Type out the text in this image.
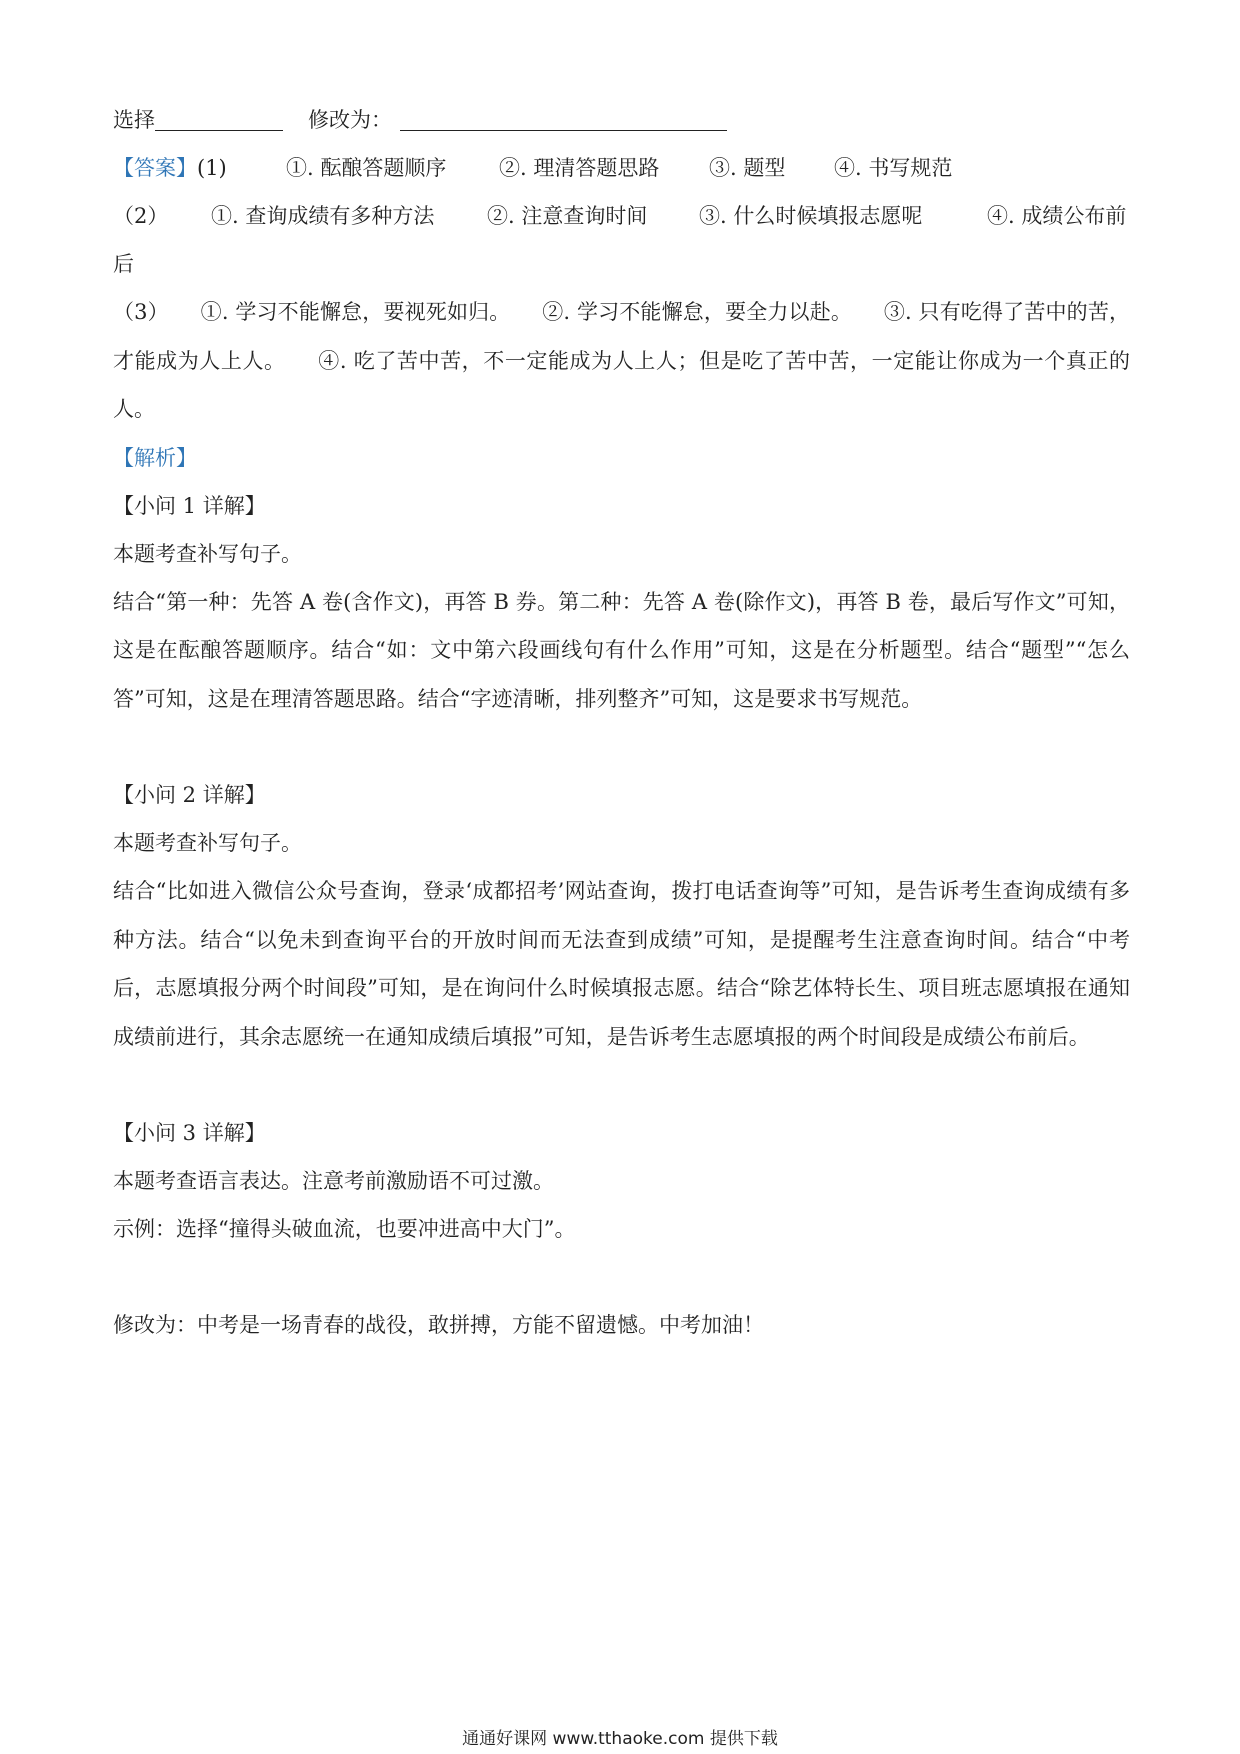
选择	修改为：
【答案】(1)	①. 酝酿答题顺序	②. 理清答题思路 ③. 题型 ④. 书写规范
（2） ①. 查询成绩有多种方法	②. 注意查询时间 ③. 什么时候填报志愿呢	④. 成绩公布前
后

（3）　　①. 学习不能懈怠，要视死如归。　　②. 学习不能懈怠，要全力以赴。　　③. 只有吃得了苦中的苦，才能成为人上人。　　④. 吃了苦中苦，不一定能成为人上人；但是吃了苦中苦，一定能让你成为一个真正的人。

【解析】
【小问 1 详解】
本题考查补写句子。

结合“第一种：先答 A 卷(含作文)，再答 B 券。第二种：先答 A 卷(除作文)，再答 B 卷，最后写作文”可知，这是在酝酿答题顺序。结合“如：文中第六段画线句有什么作用”可知，这是在分析题型。结合“题型”“怎么答”可知，这是在理清答题思路。结合“字迹清晰，排列整齐”可知，这是要求书写规范。

【小问 2 详解】
本题考查补写句子。

结合“比如进入微信公众号查询，登录‘成都招考’网站查询，拨打电话查询等”可知，是告诉考生查询成绩有多种方法。结合“以免未到查询平台的开放时间而无法查到成绩”可知，是提醒考生注意查询时间。结合“中考后，志愿填报分两个时间段”可知，是在询问什么时候填报志愿。结合“除艺体特长生、项目班志愿填报在通知成绩前进行，其余志愿统一在通知成绩后填报”可知，是告诉考生志愿填报的两个时间段是成绩公布前后。

【小问 3 详解】
本题考查语言表达。注意考前激励语不可过激。
示例：选择“撞得头破血流，也要冲进高中大门”。
修改为：中考是一场青春的战役，敢拼搏，方能不留遗憾。中考加油！
通通好课网 www.tthaoke.com 提供下载
